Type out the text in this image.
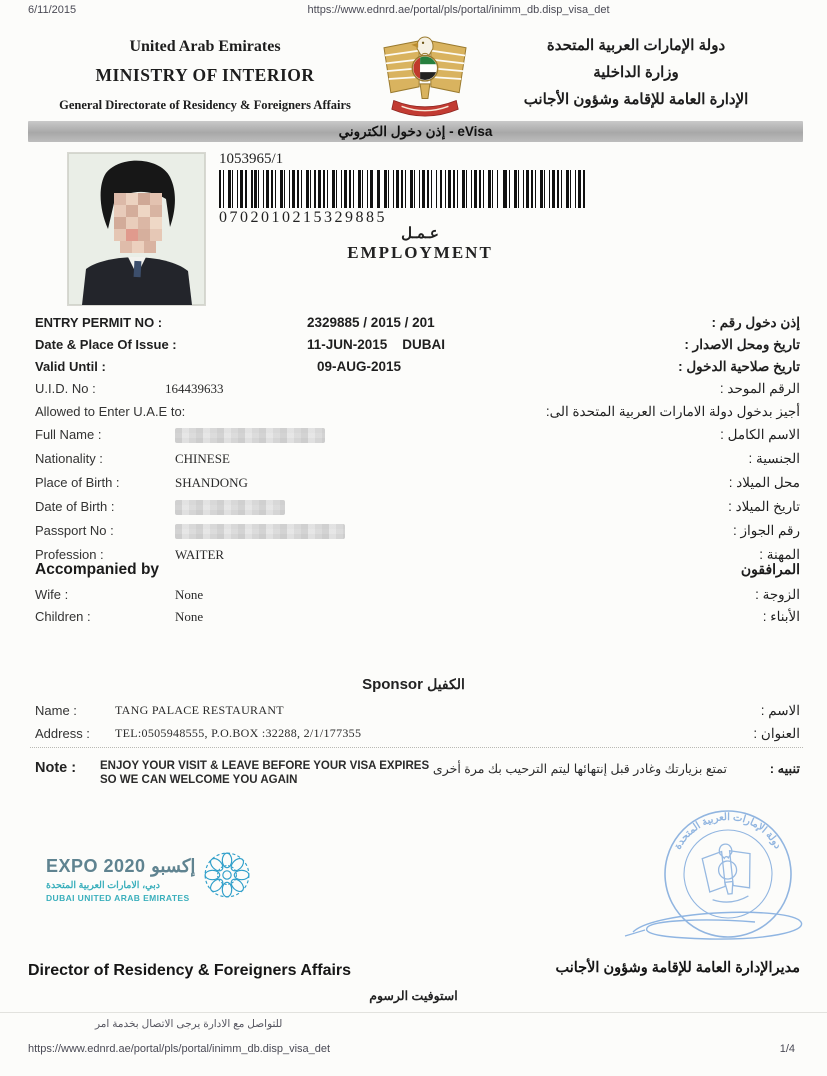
6/11/2015	https://www.ednrd.ae/portal/pls/portal/inimm_db.disp_visa_det
United Arab Emirates
MINISTRY OF INTERIOR
General Directorate of Residency & Foreigners Affairs
دولة الإمارات العربية المتحدة
وزارة الداخلية
الإدارة العامة للإقامة وشؤون الأجانب
إذن دخول الكتروني - eVisa
1053965/1
0702010215329885
عـمـل
EMPLOYMENT
ENTRY PERMIT NO :	2329885 / 2015 / 201	إذن دخول رقم :
Date & Place Of Issue :	11-JUN-2015    DUBAI	تاريخ ومحل الاصدار :
Valid Until :	09-AUG-2015	تاريخ صلاحية الدخول :
U.I.D. No :	164439633	الرقم الموحد :
Allowed to Enter U.A.E to:	أجيز بدخول دولة الامارات العربية المتحدة الى:
Full Name :	الاسم الكامل :
Nationality :	CHINESE	الجنسية :
Place of Birth :	SHANDONG	محل الميلاد :
Date of Birth :	تاريخ الميلاد :
Passport No :	رقم الجواز :
Profession :	WAITER	المهنة :
Accompanied by	المرافقون
Wife :	None	الزوجة :
Children :	None	الأبناء :
Sponsor الكفيل
Name :	TANG PALACE RESTAURANT	الاسم :
Address : TEL:0505948555, P.O.BOX :32288, 2/1/177355	العنوان :
Note : ENJOY YOUR VISIT & LEAVE BEFORE YOUR VISA EXPIRES SO WE CAN WELCOME YOU AGAIN
تنبيه :
تمتع بزيارتك وغادر قبل إنتهائها ليتم الترحيب بك مرة أخرى
EXPO 2020 إكسبو
دبي، الامارات العربية المتحدة
DUBAI UNITED ARAB EMIRATES
دولة الإمارات العربية المتحدة
Director of Residency & Foreigners Affairs	مديرالإدارة العامة للإقامة وشؤون الأجانب
استوفيت الرسوم
للتواصل مع الادارة يرجى الاتصال بخدمة امر
https://www.ednrd.ae/portal/pls/portal/inimm_db.disp_visa_det	1/4
